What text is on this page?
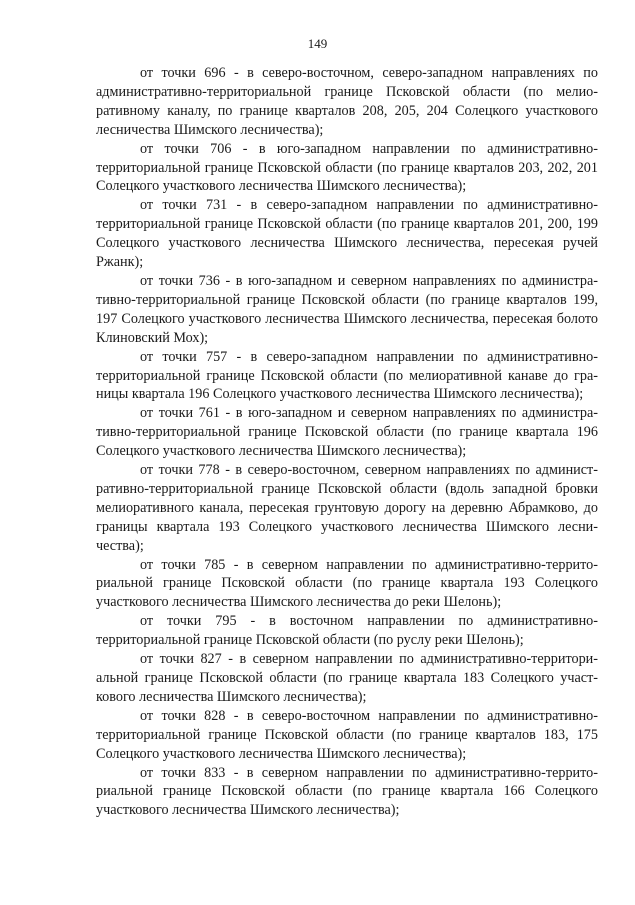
149

от точки 696 - в северо-восточном, северо-западном направлениях по административно-территориальной границе Псковской области (по мелиоративному каналу, по границе кварталов 208, 205, 204 Солецкого участкового лесничества Шимского лесничества);

от точки 706 - в юго-западном направлении по административно-территориальной границе Псковской области (по границе кварталов 203, 202, 201 Солецкого участкового лесничества Шимского лесничества);

от точки 731 - в северо-западном направлении по административно-территориальной границе Псковской области (по границе кварталов 201, 200, 199 Солецкого участкового лесничества Шимского лесничества, пересекая ручей Ржанк);

от точки 736 - в юго-западном и северном направлениях по административно-территориальной границе Псковской области (по границе кварталов 199, 197 Солецкого участкового лесничества Шимского лесничества, пересекая болото Клиновский Мох);

от точки 757 - в северо-западном направлении по административно-территориальной границе Псковской области (по мелиоративной канаве до границы квартала 196 Солецкого участкового лесничества Шимского лесничества);

от точки 761 - в юго-западном и северном направлениях по административно-территориальной границе Псковской области (по границе квартала 196 Солецкого участкового лесничества Шимского лесничества);

от точки 778 - в северо-восточном, северном направлениях по административно-территориальной границе Псковской области (вдоль западной бровки мелиоративного канала, пересекая грунтовую дорогу на деревню Абрамково, до границы квартала 193 Солецкого участкового лесничества Шимского лесничества);

от точки 785 - в северном направлении по административно-территориальной границе Псковской области (по границе квартала 193 Солецкого участкового лесничества Шимского лесничества до реки Шелонь);

от точки 795 - в восточном направлении по административно-территориальной границе Псковской области (по руслу реки Шелонь);

от точки 827 - в северном направлении по административно-территориальной границе Псковской области (по границе квартала 183 Солецкого участкового лесничества Шимского лесничества);

от точки 828 - в северо-восточном направлении по административно-территориальной границе Псковской области (по границе кварталов 183, 175 Солецкого участкового лесничества Шимского лесничества);

от точки 833 - в северном направлении по административно-территориальной границе Псковской области (по границе квартала 166 Солецкого участкового лесничества Шимского лесничества);
